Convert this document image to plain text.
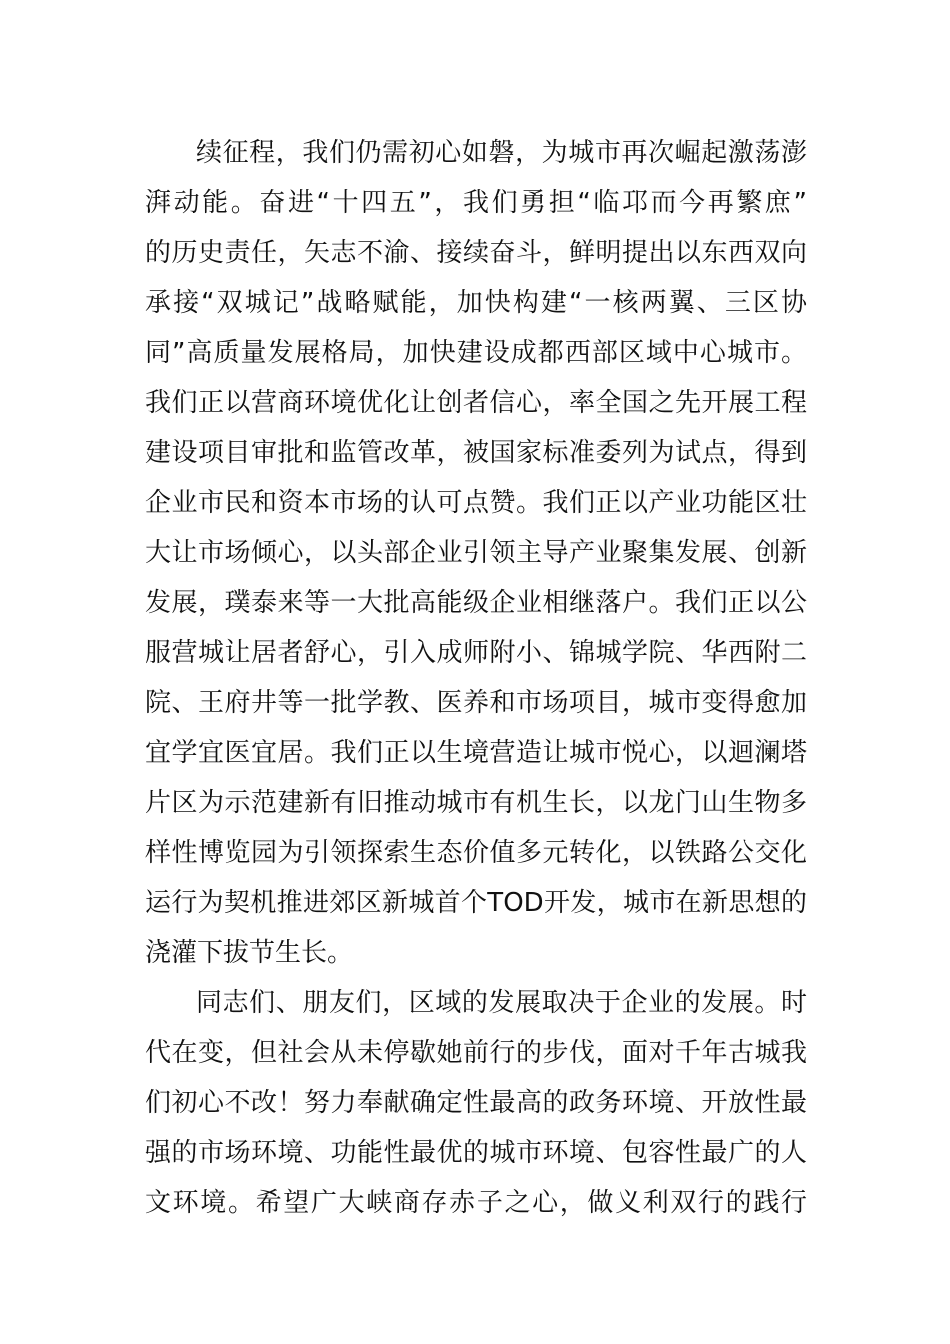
续征程，我们仍需初心如磐，为城市再次崛起激荡澎
湃动能。奋进“十四五”，我们勇担“临邛而今再繁庶”
的历史责任，矢志不渝、接续奋斗，鲜明提出以东西双向
承接“双城记”战略赋能，加快构建“一核两翼、三区协
同”高质量发展格局，加快建设成都西部区域中心城市。
我们正以营商环境优化让创者信心，率全国之先开展工程
建设项目审批和监管改革，被国家标准委列为试点，得到
企业市民和资本市场的认可点赞。我们正以产业功能区壮
大让市场倾心，以头部企业引领主导产业聚集发展、创新
发展，璞泰来等一大批高能级企业相继落户。我们正以公
服营城让居者舒心，引入成师附小、锦城学院、华西附二
院、王府井等一批学教、医养和市场项目，城市变得愈加
宜学宜医宜居。我们正以生境营造让城市悦心，以迴澜塔
片区为示范建新有旧推动城市有机生长，以龙门山生物多
样性博览园为引领探索生态价值多元转化，以铁路公交化
运行为契机推进郊区新城首个TOD开发，城市在新思想的
浇灌下拔节生长。
同志们、朋友们，区域的发展取决于企业的发展。时
代在变，但社会从未停歇她前行的步伐，面对千年古城我
们初心不改！努力奉献确定性最高的政务环境、开放性最
强的市场环境、功能性最优的城市环境、包容性最广的人
文环境。希望广大峡商存赤子之心，做义利双行的践行
